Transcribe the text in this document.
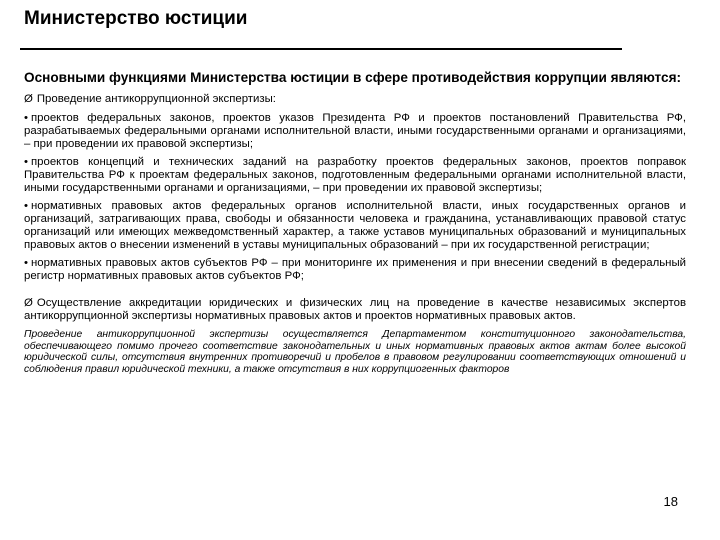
Министерство юстиции

Основными функциями Министерства юстиции в сфере противодействия коррупции являются:

Ø Проведение антикоррупционной экспертизы:

• проектов федеральных законов, проектов указов Президента РФ и проектов постановлений Правительства РФ, разрабатываемых федеральными органами исполнительной власти, иными государственными органами и организациями, – при проведении их правовой экспертизы;

• проектов концепций и технических заданий на разработку проектов федеральных законов, проектов поправок Правительства РФ к проектам федеральных законов, подготовленным федеральными органами исполнительной власти, иными государственными органами и организациями, – при проведении их правовой экспертизы;

• нормативных правовых актов федеральных органов исполнительной власти, иных государственных органов и организаций, затрагивающих права, свободы и обязанности человека и гражданина, устанавливающих правовой статус организаций или имеющих межведомственный характер, а также уставов муниципальных образований и муниципальных правовых актов о внесении изменений в уставы муниципальных образований – при их государственной регистрации;

• нормативных правовых актов субъектов РФ – при мониторинге их применения и при внесении сведений в федеральный регистр нормативных правовых актов субъектов РФ;

Ø Осуществление аккредитации юридических и физических лиц на проведение в качестве независимых экспертов антикоррупционной экспертизы нормативных правовых актов и проектов нормативных правовых актов.

Проведение антикоррупционной экспертизы осуществляется Департаментом конституционного законодательства, обеспечивающего помимо прочего соответствие законодательных и иных нормативных правовых актов актам более высокой юридической силы, отсутствия внутренних противоречий и пробелов в правовом регулировании соответствующих отношений и соблюдения правил юридической техники, а также отсутствия в них коррупциогенных факторов

18
